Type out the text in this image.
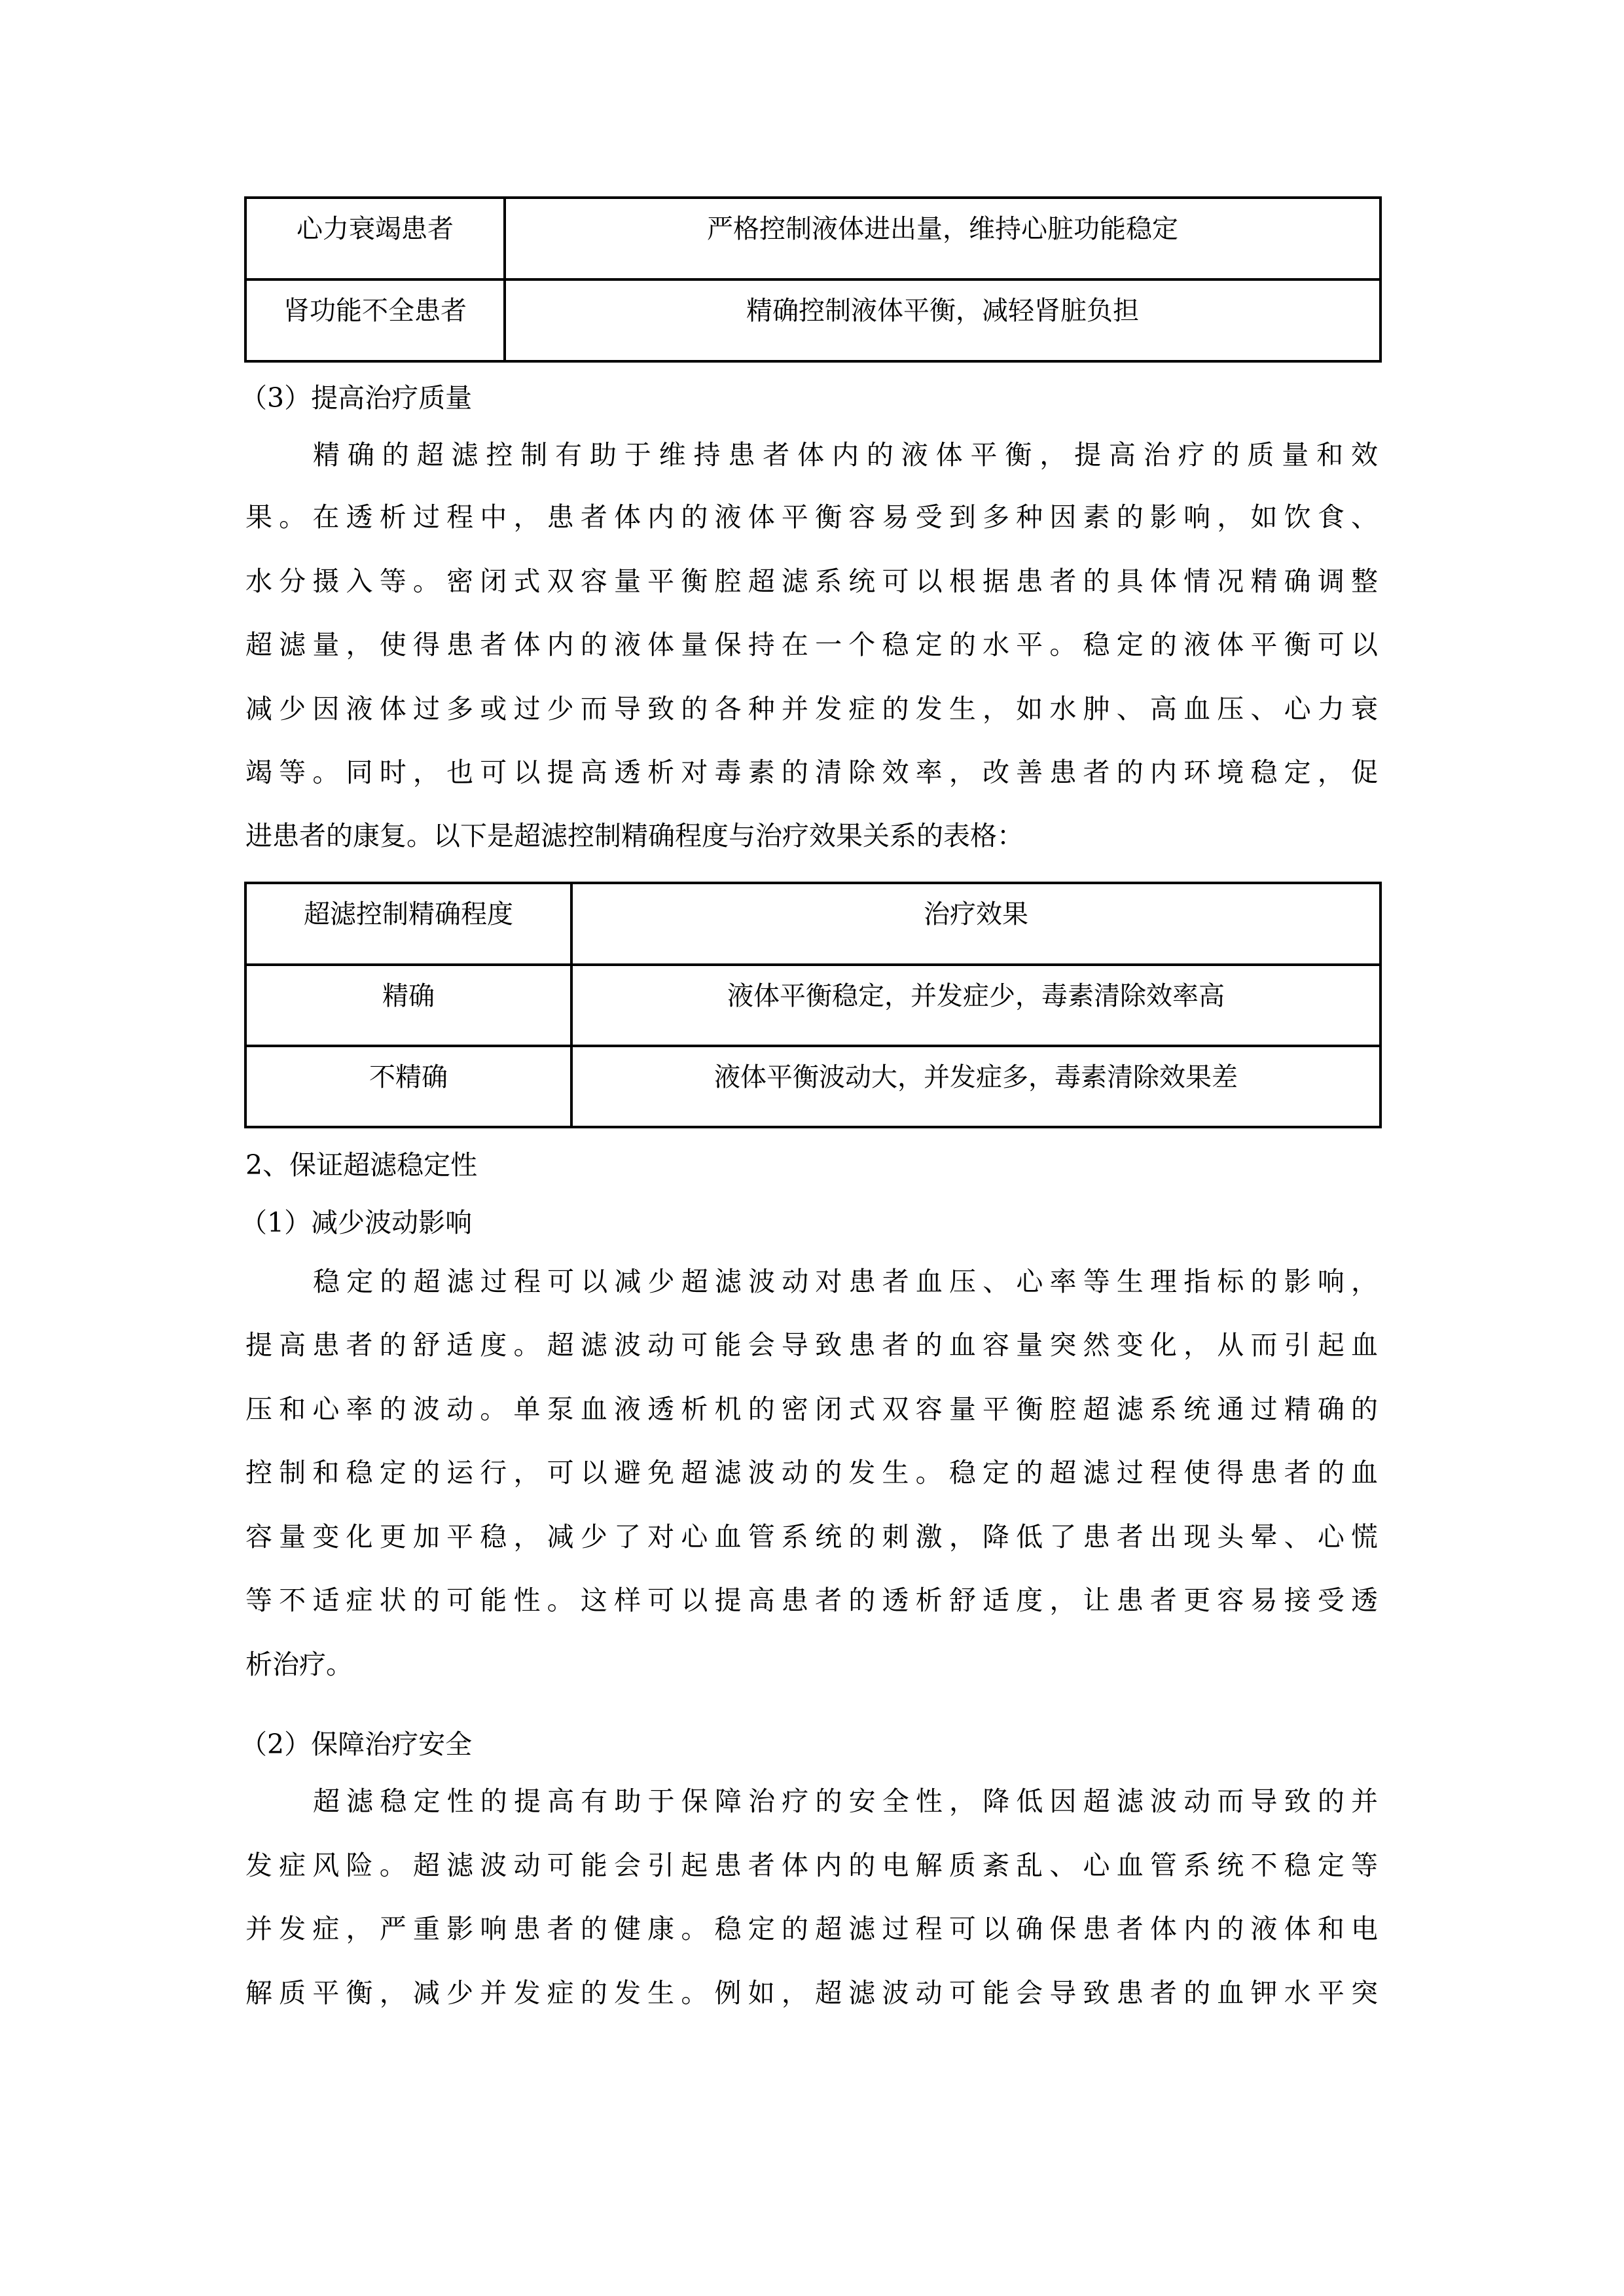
心力衰竭患者	严格控制液体进出量，维持心脏功能稳定
肾功能不全患者	精确控制液体平衡，减轻肾脏负担
（3）提高治疗质量
精确的超滤控制有助于维持患者体内的液体平衡，提高治疗的质量和效
果。在透析过程中，患者体内的液体平衡容易受到多种因素的影响，如饮食、
水分摄入等。密闭式双容量平衡腔超滤系统可以根据患者的具体情况精确调整
超滤量，使得患者体内的液体量保持在一个稳定的水平。稳定的液体平衡可以
减少因液体过多或过少而导致的各种并发症的发生，如水肿、高血压、心力衰
竭等。同时，也可以提高透析对毒素的清除效率，改善患者的内环境稳定，促
进患者的康复。以下是超滤控制精确程度与治疗效果关系的表格：
超滤控制精确程度	治疗效果
精确	液体平衡稳定，并发症少，毒素清除效率高
不精确	液体平衡波动大，并发症多，毒素清除效果差
2、保证超滤稳定性
（1）减少波动影响
稳定的超滤过程可以减少超滤波动对患者血压、心率等生理指标的影响，
提高患者的舒适度。超滤波动可能会导致患者的血容量突然变化，从而引起血
压和心率的波动。单泵血液透析机的密闭式双容量平衡腔超滤系统通过精确的
控制和稳定的运行，可以避免超滤波动的发生。稳定的超滤过程使得患者的血
容量变化更加平稳，减少了对心血管系统的刺激，降低了患者出现头晕、心慌
等不适症状的可能性。这样可以提高患者的透析舒适度，让患者更容易接受透
析治疗。
（2）保障治疗安全
超滤稳定性的提高有助于保障治疗的安全性，降低因超滤波动而导致的并
发症风险。超滤波动可能会引起患者体内的电解质紊乱、心血管系统不稳定等
并发症，严重影响患者的健康。稳定的超滤过程可以确保患者体内的液体和电
解质平衡，减少并发症的发生。例如，超滤波动可能会导致患者的血钾水平突
